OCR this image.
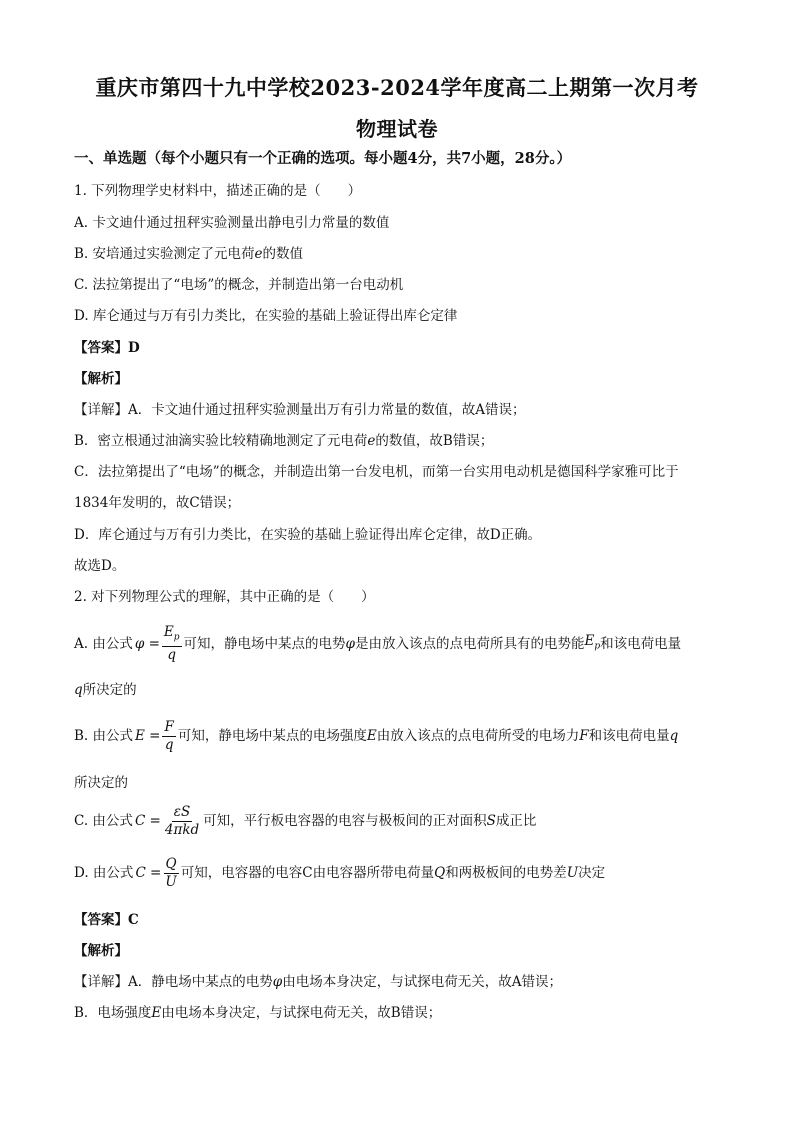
重庆市第四十九中学校2023-2024学年度高二上期第一次月考
物理试卷
一、单选题（每个小题只有一个正确的选项。每小题4分，共7小题，28分。）
1. 下列物理学史材料中，描述正确的是（　　）
A. 卡文迪什通过扭秤实验测量出静电引力常量的数值
B. 安培通过实验测定了元电荷e的数值
C. 法拉第提出了“电场”的概念，并制造出第一台电动机
D. 库仑通过与万有引力类比，在实验的基础上验证得出库仑定律
【答案】D
【解析】
【详解】A．卡文迪什通过扭秤实验测量出万有引力常量的数值，故A错误；
B．密立根通过油滴实验比较精确地测定了元电荷e的数值，故B错误；
C．法拉第提出了“电场”的概念，并制造出第一台发电机，而第一台实用电动机是德国科学家雅可比于
1834年发明的，故C错误；
D．库仑通过与万有引力类比，在实验的基础上验证得出库仑定律，故D正确。
故选D。
2. 对下列物理公式的理解，其中正确的是（　　）
A. 由公式 $\varphi = \frac{E_p}{q}$ 可知，静电场中某点的电势 φ 是由放入该点的点电荷所具有的电势能 $E_p$ 和该电荷电量
q所决定的
B. 由公式 $E = \frac{F}{q}$ 可知，静电场中某点的电场强度 E 由放入该点的点电荷所受的电场力 F 和该电荷电量 q
所决定的
C. 由公式 $C = \frac{\varepsilon S}{\text{4πkd}}$ 可知，平行板电容器的电容与极板间的正对面积 S 成正比
D. 由公式 $C = \frac{Q}{U}$ 可知，电容器的电容C由电容器所带电荷量 Q 和两极板间的电势差 U 决定
【答案】C
【解析】
【详解】A．静电场中某点的电势φ由电场本身决定，与试探电荷无关，故A错误；
B．电场强度E由电场本身决定，与试探电荷无关，故B错误；
